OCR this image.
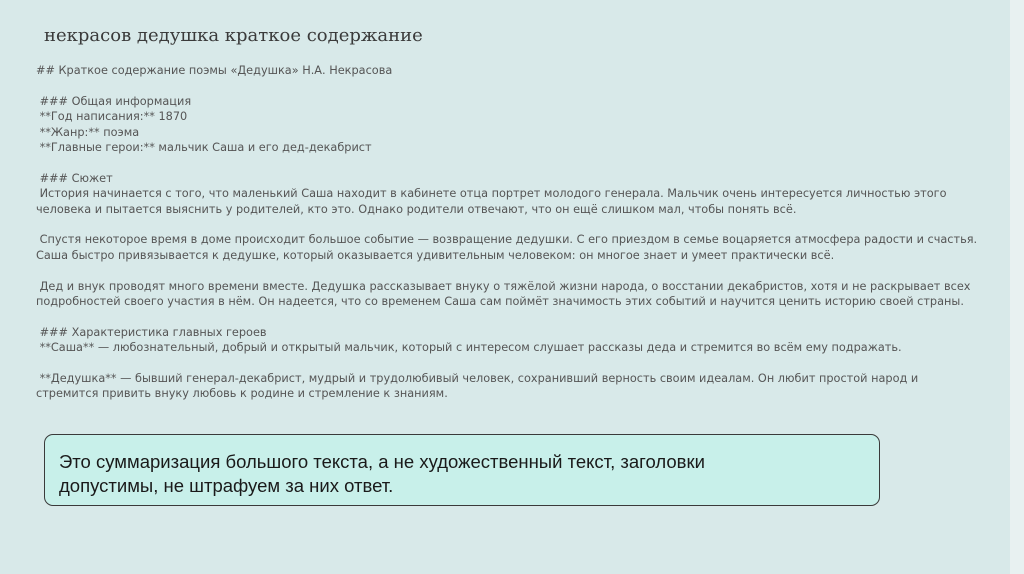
некрасов дедушка краткое содержание
## Краткое содержание поэмы «Дедушка» Н.А. Некрасова
### Общая информация
**Год написания:** 1870
**Жанр:** поэма
**Главные герои:** мальчик Саша и его дед-декабрист
### Сюжет
История начинается с того, что маленький Саша находит в кабинете отца портрет молодого генерала. Мальчик очень интересуется личностью этого
человека и пытается выяснить у родителей, кто это. Однако родители отвечают, что он ещё слишком мал, чтобы понять всё.
Спустя некоторое время в доме происходит большое событие — возвращение дедушки. С его приездом в семье воцаряется атмосфера радости и счастья.
Саша быстро привязывается к дедушке, который оказывается удивительным человеком: он многое знает и умеет практически всё.
Дед и внук проводят много времени вместе. Дедушка рассказывает внуку о тяжёлой жизни народа, о восстании декабристов, хотя и не раскрывает всех
подробностей своего участия в нём. Он надеется, что со временем Саша сам поймёт значимость этих событий и научится ценить историю своей страны.
### Характеристика главных героев
**Саша** — любознательный, добрый и открытый мальчик, который с интересом слушает рассказы деда и стремится во всём ему подражать.
**Дедушка** — бывший генерал-декабрист, мудрый и трудолюбивый человек, сохранивший верность своим идеалам. Он любит простой народ и
стремится привить внуку любовь к родине и стремление к знаниям.
Это суммаризация большого текста, а не художественный текст, заголовки
допустимы, не штрафуем за них ответ.
